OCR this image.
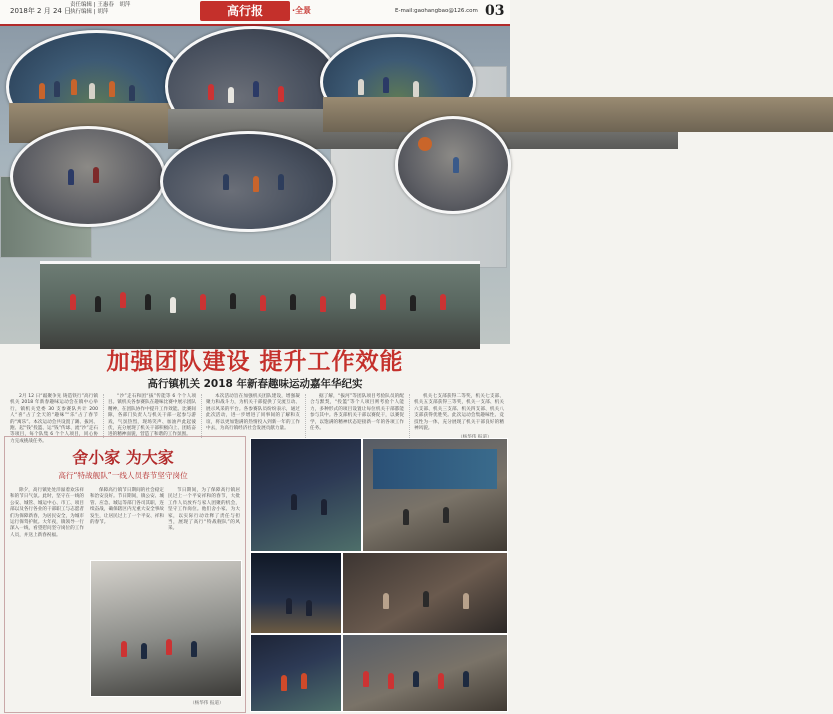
2018年 2 月 24 日
责任编辑 | 王惠春　胡萍
执行编辑 | 胡萍	高行报	·全景	E-mail:gaohangbao@126.com 03
加强团队建设 提升工作效能
高行镇机关 2018 年新春趣味运动嘉年华纪实

2月 12 日“敲聚争先 铸造铁行”高行镇机关 2018 年新春趣味运动会在镇中心举行，镇机关党委 30 支参赛队共计 200 人“喜”占了全天的“趣味”“乐”占了春节的“寓乐”。本次运动会共设置了踢、拔河、跑、起“钱”投篮、运“钱”传球、流“沙”走石等项目，每个队集 6 个个人项目，同心协力完成挑战任务。

“沙”走石和团“拔”传能等 6 个个人项目。镇机关各参赛队在趣味比赛中展示团队精神，在团队协作中提升工作效能。比赛间隙，各部门负责人与机关干部一起参与游戏，气氛热烈，现场笑声、加油声此起彼伏，充分展现了机关干部积极向上、团结奋进的精神面貌，营造了和谐的工作氛围。

本次活动旨在加强机关团队建设，增强凝聚力和战斗力，为机关干部提供了交流互动、展示风采的平台。各参赛队员纷纷表示，通过此次活动，进一步增进了同事间的了解和友谊，将以更加饱满的热情投入到新一年的工作中去，为高行镇经济社会发展贡献力量。

据了解，“拔河”等团队项目考验队员的配合与默契，“投篮”等个人项目则考验个人能力，多种形式的项目设置让每位机关干部都能参与其中。各支部机关干部以赛促干，以赛促学，以饱满的精神状态迎接新一年的各项工作任务。

机关七支部获得二等奖，机关七支部、机关五支部获得三等奖，机关一支部、机关六支部、机关三支部、机关四支部、机关八支部获得优胜奖。此次运动会集趣味性、竞技性为一体，充分展现了机关干部良好的精神风貌。

舍小家 为大家
高行“特战舰队”一线人员春节坚守岗位

除夕，高行镇处处洋溢着欢乐祥和的节日气氛。此时，坚守在一线的公安、城管、城运中心、市工、项目部以及各行各业的干部职工与志愿者们为保障新春，为居民安全，为城市运行保驾护航。大年夜，镇领导一行深入一线，看望慰问坚守岗位的工作人员，并送上新春祝福。

保障高行镇节日期间的社会稳定和治安良好。节日期间，镇公安、城管、应急、城运等部门各司其职，连续奋战，确保辖区内无重大安全事故发生，让居民过上了一个平安、祥和的春节。

节日期间，为了保障高行镇居民过上一个平安祥和的春节，大批工作人员放弃与家人团聚的机会，坚守工作岗位。他们舍小家、为大家，以实际行动诠释了责任与担当，展现了高行“特战舰队”的风采。

（杨华伟 报道）
